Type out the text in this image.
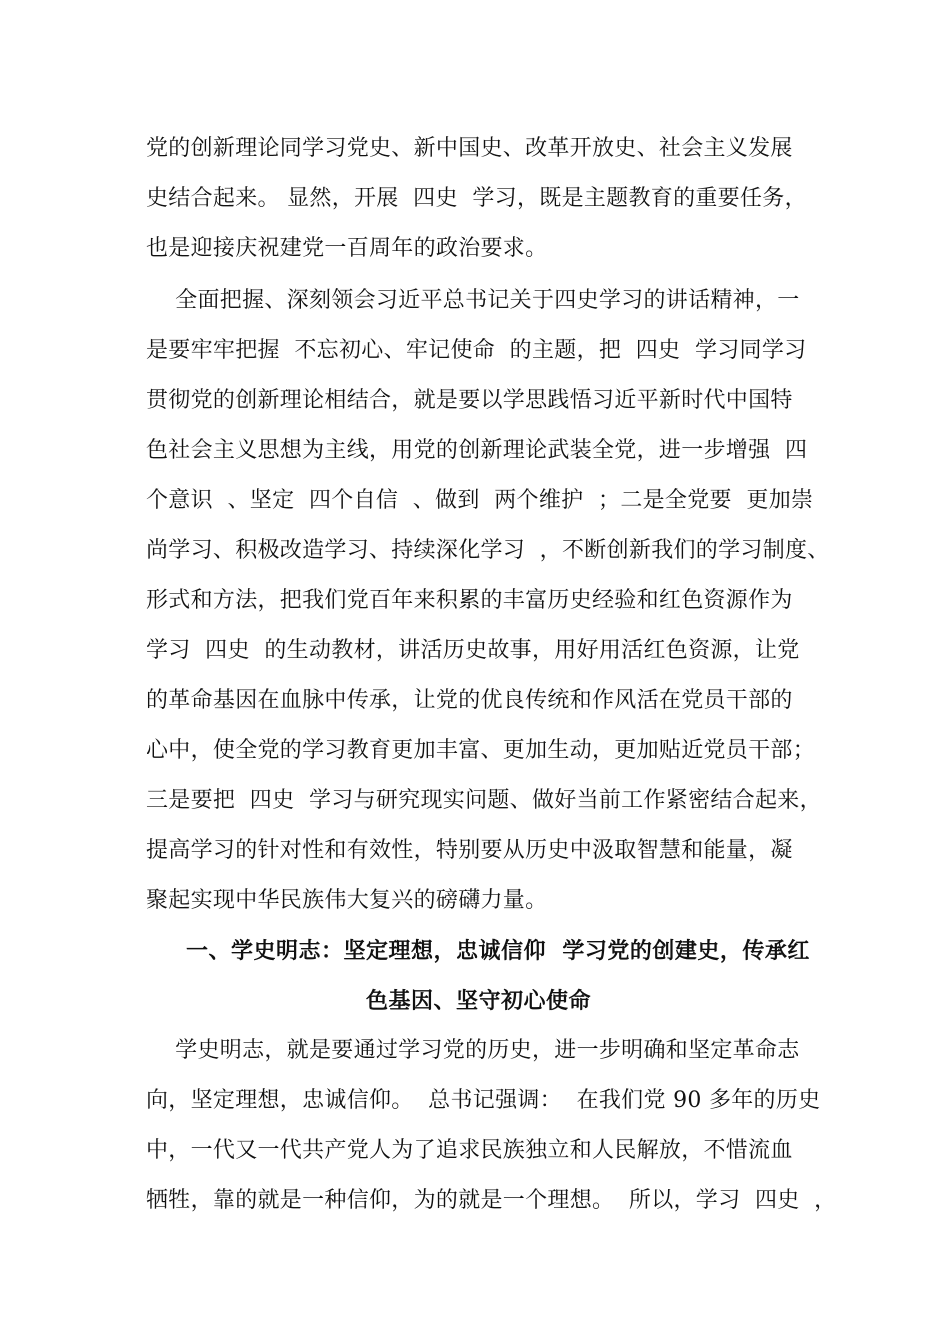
党的创新理论同学习党史、新中国史、改革开放史、社会主义发展
史结合起来。 显然，开展  四史  学习，既是主题教育的重要任务，
也是迎接庆祝建党一百周年的政治要求。
全面把握、深刻领会习近平总书记关于四史学习的讲话精神，一
是要牢牢把握  不忘初心、牢记使命  的主题，把  四史  学习同学习
贯彻党的创新理论相结合，就是要以学思践悟习近平新时代中国特
色社会主义思想为主线，用党的创新理论武装全党，进一步增强  四
个意识  、坚定  四个自信  、做到  两个维护  ；二是全党要  更加崇
尚学习、积极改造学习、持续深化学习  ，不断创新我们的学习制度、
形式和方法，把我们党百年来积累的丰富历史经验和红色资源作为
学习  四史  的生动教材，讲活历史故事，用好用活红色资源，让党
的革命基因在血脉中传承，让党的优良传统和作风活在党员干部的
心中，使全党的学习教育更加丰富、更加生动，更加贴近党员干部；
三是要把  四史  学习与研究现实问题、做好当前工作紧密结合起来，
提高学习的针对性和有效性，特别要从历史中汲取智慧和能量，凝
聚起实现中华民族伟大复兴的磅礴力量。
一、学史明志：坚定理想，忠诚信仰  学习党的创建史，传承红
色基因、坚守初心使命
学史明志，就是要通过学习党的历史，进一步明确和坚定革命志
向，坚定理想，忠诚信仰。  总书记强调：  在我们党 90 多年的历史
中，一代又一代共产党人为了追求民族独立和人民解放，不惜流血
牺牲，靠的就是一种信仰，为的就是一个理想。  所以，学习  四史  ，
